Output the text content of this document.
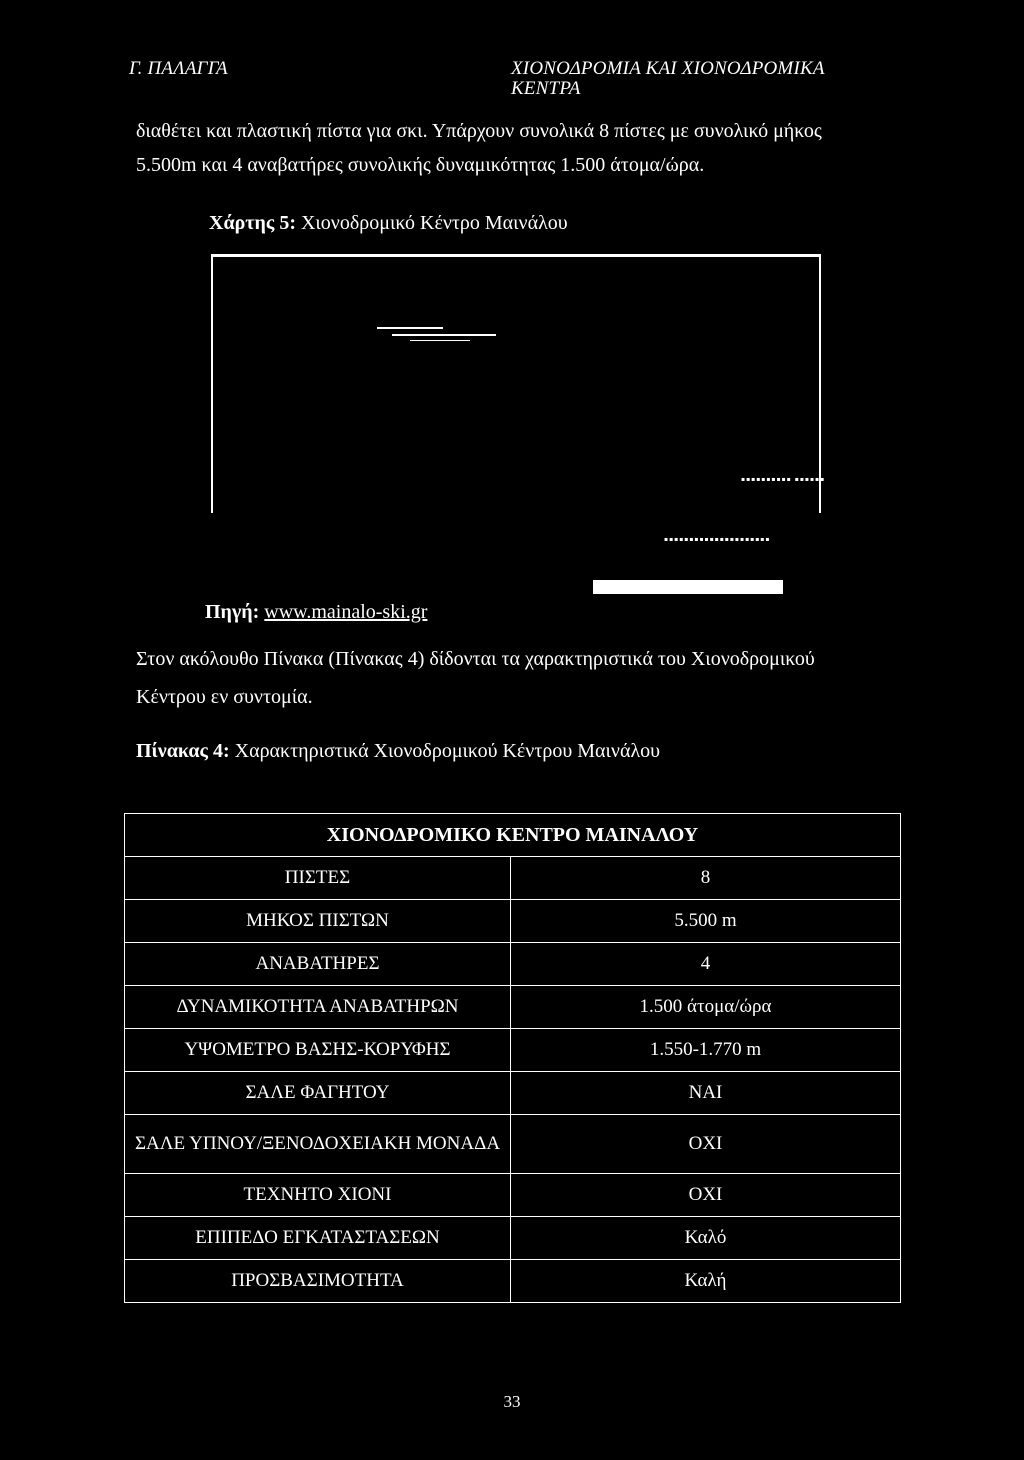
Γ. ΠΑΛΑΓΓΑ	ΧΙΟΝΟΔΡΟΜΙΑ ΚΑΙ ΧΙΟΝΟΔΡΟΜΙΚΑ
ΚΕΝΤΡΑ
διαθέτει και πλαστική πίστα για σκι. Υπάρχουν συνολικά 8 πίστες με συνολικό μήκος
5.500m και 4 αναβατήρες συνολικής δυναμικότητας 1.500 άτομα/ώρα.
Χάρτης 5: Χιονοδρομικό Κέντρο Μαινάλου
▪▪▪▪▪▪▪▪▪▪ ▪▪▪▪▪▪
▪▪▪▪▪▪▪▪▪▪▪▪▪▪▪▪▪▪▪▪▪
Πηγή: www.mainalo-ski.gr
Στον ακόλουθο Πίνακα (Πίνακας 4) δίδονται τα χαρακτηριστικά του Χιονοδρομικού
Κέντρου εν συντομία.
Πίνακας 4: Χαρακτηριστικά Χιονοδρομικού Κέντρου Μαινάλου
ΧΙΟΝΟΔΡΟΜΙΚΟ ΚΕΝΤΡΟ ΜΑΙΝΑΛΟΥ	
ΠΙΣΤΕΣ	8
ΜΗΚΟΣ ΠΙΣΤΩΝ	5.500 m
ΑΝΑΒΑΤΗΡΕΣ	4
ΔΥΝΑΜΙΚΟΤΗΤΑ ΑΝΑΒΑΤΗΡΩΝ	1.500 άτομα/ώρα
ΥΨΟΜΕΤΡΟ ΒΑΣΗΣ-ΚΟΡΥΦΗΣ	1.550-1.770 m
ΣΑΛΕ ΦΑΓΗΤΟΥ	ΝΑΙ
ΣΑΛΕ ΥΠΝΟΥ/ΞΕΝΟΔΟΧΕΙΑΚΗ ΜΟΝΑΔΑ	ΟΧΙ
ΤΕΧΝΗΤΟ ΧΙΟΝΙ	ΟΧΙ
ΕΠΙΠΕΔΟ ΕΓΚΑΤΑΣΤΑΣΕΩΝ	Καλό
ΠΡΟΣΒΑΣΙΜΟΤΗΤΑ	Καλή
33
